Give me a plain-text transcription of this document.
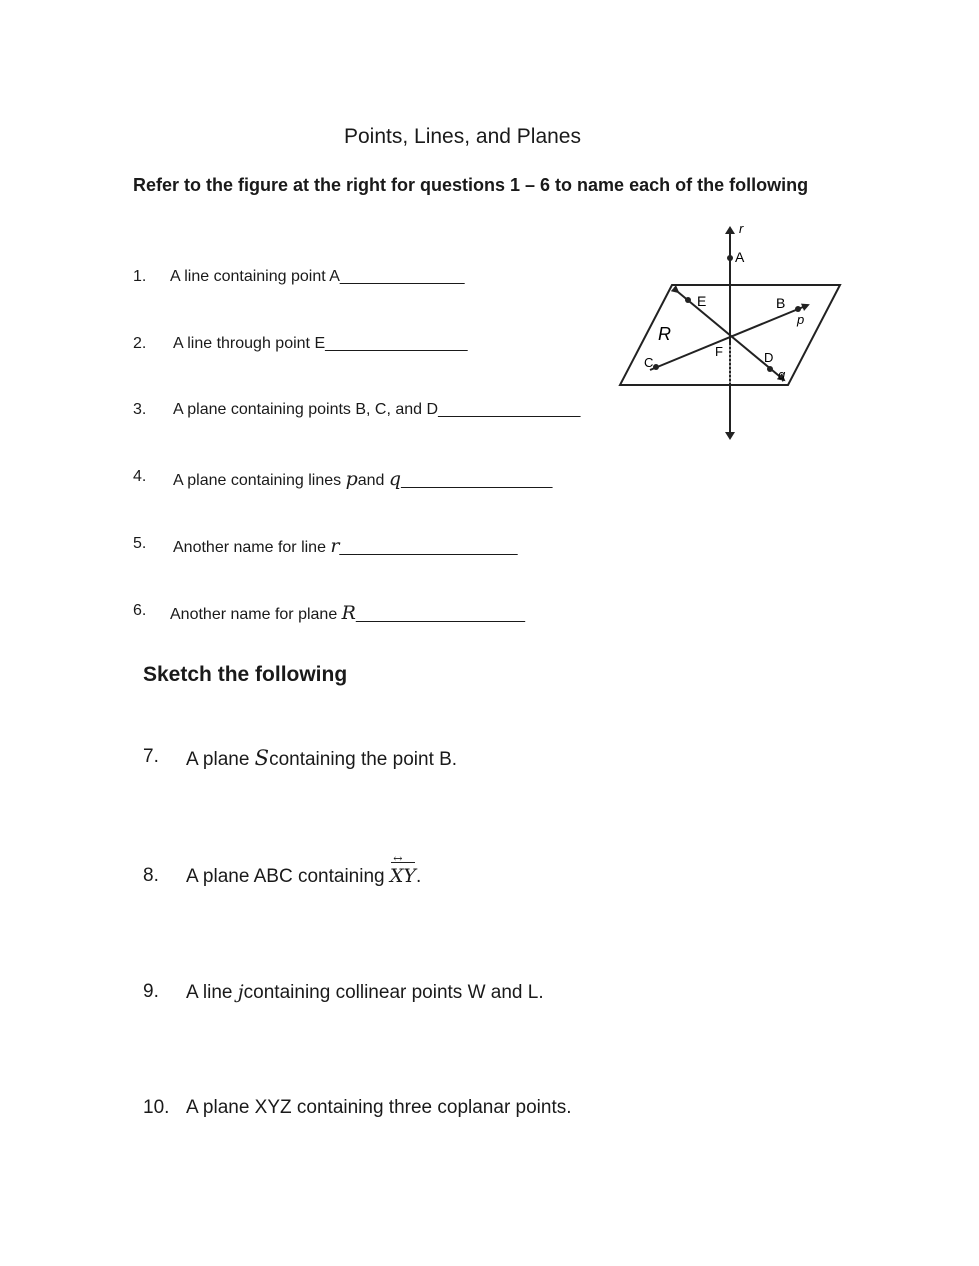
Points, Lines, and Planes
Refer to the figure at the right for questions 1 – 6 to name each of the following
1. A line containing point A______________
2. A line through point E________________
3. A plane containing points B, C, and D________________
4. A plane containing lines pand q_________________
5. Another name for line r____________________
6. Another name for plane R___________________
r
A
E	B
p
R
F	D
C
q
Sketch the following
7. A plane Scontaining the point B.
8. A plane ABC containing XY ↔.
9. A line jcontaining collinear points W and L.
10. A plane XYZ containing three coplanar points.
